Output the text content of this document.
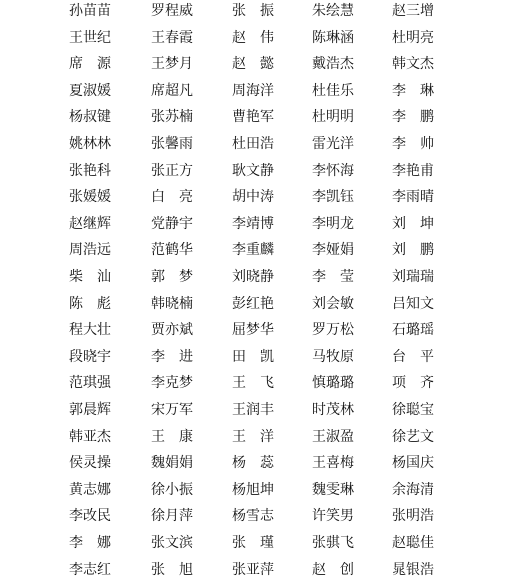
孙苗苗	罗程威	张　振	朱绘慧	赵三增
王世纪	王春霞	赵　伟	陈琳涵	杜明亮
席　源	王梦月	赵　懿	戴浩杰	韩文杰
夏淑媛	席超凡	周海洋	杜佳乐	李　琳
杨叔键	张苏楠	曹艳军	杜明明	李　鹏
姚林林	张馨雨	杜田浩	雷光洋	李　帅
张艳科	张正方	耿文静	李怀海	李艳甫
张媛媛	白　亮	胡中涛	李凯钰	李雨晴
赵继辉	党静宇	李靖博	李明龙	刘　坤
周浩远	范鹤华	李重麟	李娅娟	刘　鹏
柴　汕	郭　梦	刘晓静	李　莹	刘瑞瑞
陈　彪	韩晓楠	彭红艳	刘会敏	吕知文
程大壮	贾亦斌	屈梦华	罗万松	石璐瑶
段晓宇	李　进	田　凯	马牧原	台　平
范琪强	李克梦	王　飞	慎璐璐	项　齐
郭晨辉	宋万军	王润丰	时茂林	徐聪宝
韩亚杰	王　康	王　洋	王淑盈	徐艺文
侯灵操	魏娟娟	杨　蕊	王喜梅	杨国庆
黄志娜	徐小振	杨旭坤	魏雯琳	余海清
李改民	徐月萍	杨雪志	许笑男	张明浩
李　娜	张文滨	张　瑾	张骐飞	赵聪佳
李志红	张　旭	张亚萍	赵　创	晁银浩
